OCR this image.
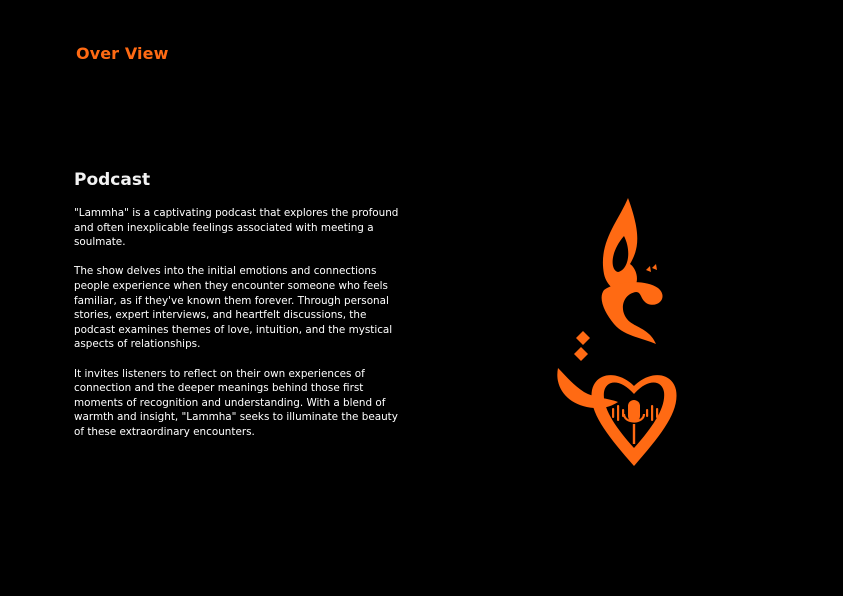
Over View
Podcast

"Lammha" is a captivating podcast that explores the profound and often inexplicable feelings associated with meeting a soulmate.

The show delves into the initial emotions and connections people experience when they encounter someone who feels familiar, as if they've known them forever. Through personal stories, expert interviews, and heartfelt discussions, the podcast examines themes of love, intuition, and the mystical aspects of relationships.

It invites listeners to reflect on their own experiences of connection and the deeper meanings behind those first moments of recognition and understanding. With a blend of warmth and insight, "Lammha" seeks to illuminate the beauty of these extraordinary encounters.
